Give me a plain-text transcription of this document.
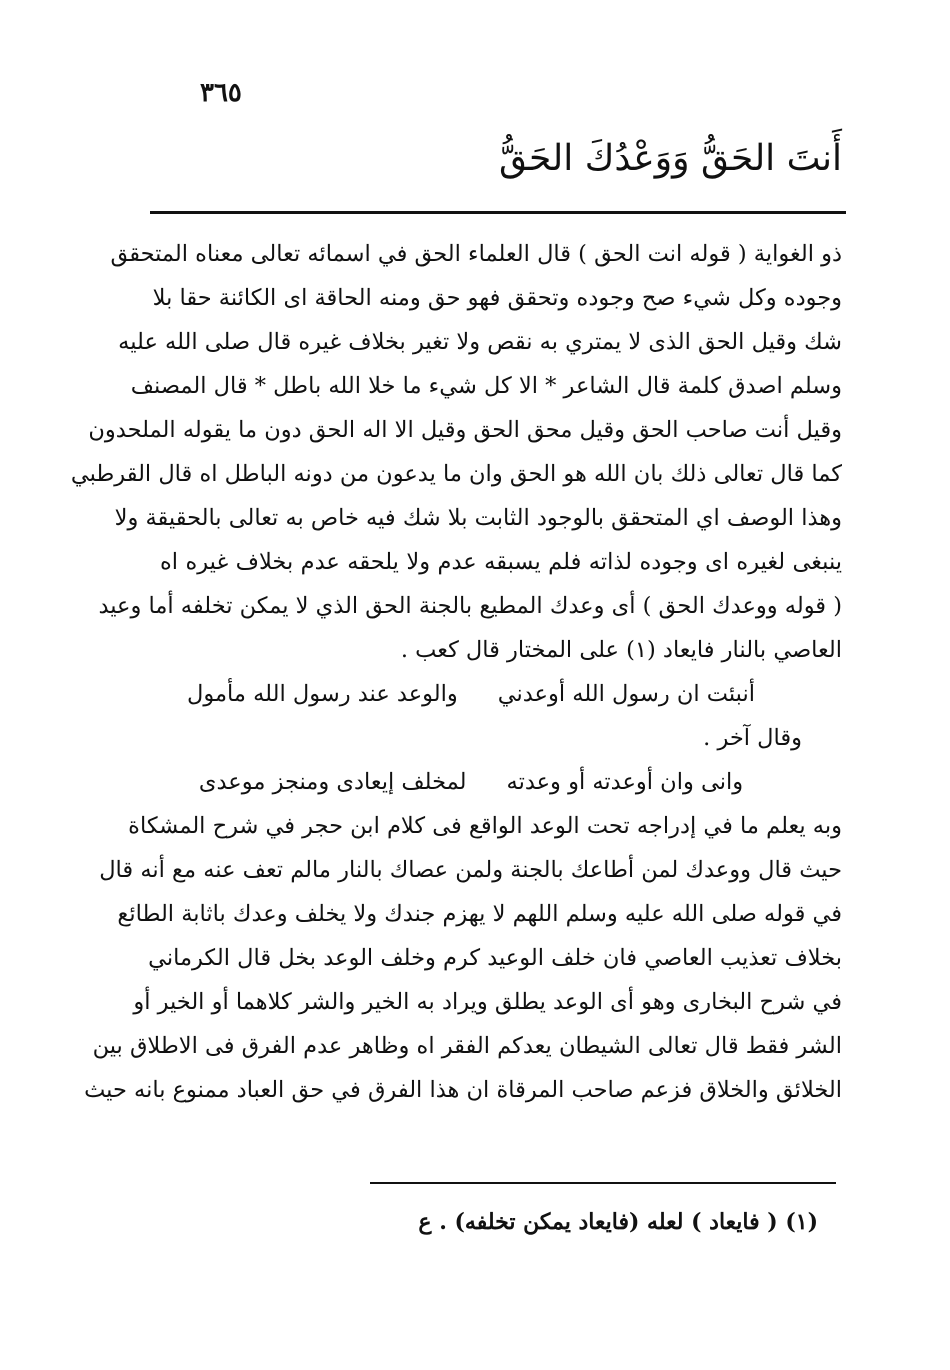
٣٦٥
أَنتَ الحَقُّ وَوَعْدُكَ الحَقُّ
ذو الغواية ( قوله انت الحق ) قال العلماء الحق في اسمائه تعالى معناه المتحقق
وجوده وكل شيء صح وجوده وتحقق فهو حق ومنه الحاقة اى الكائنة حقا بلا
شك وقيل الحق الذى لا يمتري به نقص ولا تغير بخلاف غيره قال صلى الله عليه
وسلم اصدق كلمة قال الشاعر * الا كل شيء ما خلا الله باطل * قال المصنف
وقيل أنت صاحب الحق وقيل محق الحق وقيل الا اله الحق دون ما يقوله الملحدون
كما قال تعالى ذلك بان الله هو الحق وان ما يدعون من دونه الباطل اه قال القرطبي
وهذا الوصف اي المتحقق بالوجود الثابت بلا شك فيه خاص به تعالى بالحقيقة ولا
ينبغى لغيره اى وجوده لذاته فلم يسبقه عدم ولا يلحقه عدم بخلاف غيره اه
( قوله ووعدك الحق ) أى وعدك المطيع بالجنة الحق الذي لا يمكن تخلفه أما وعيد
العاصي بالنار فايعاد (١) على المختار قال كعب .
أنبئت ان رسول الله أوعدني
والوعد عند رسول الله مأمول
وقال آخر .
وانى وان أوعدته أو وعدته
لمخلف إيعادى ومنجز موعدى
وبه يعلم ما في إدراجه تحت الوعد الواقع فى كلام ابن حجر في شرح المشكاة
حيث قال ووعدك لمن أطاعك بالجنة ولمن عصاك بالنار مالم تعف عنه مع أنه قال
في قوله صلى الله عليه وسلم اللهم لا يهزم جندك ولا يخلف وعدك باثابة الطائع
بخلاف تعذيب العاصي فان خلف الوعيد كرم وخلف الوعد بخل قال الكرماني
في شرح البخارى وهو أى الوعد يطلق ويراد به الخير والشر كلاهما أو الخير أو
الشر فقط قال تعالى الشيطان يعدكم الفقر اه وظاهر عدم الفرق فى الاطلاق بين
الخلائق والخلاق فزعم صاحب المرقاة ان هذا الفرق في حق العباد ممنوع بانه حيث
(١) ( فايعاد ) لعله (فايعاد يمكن تخلفه) . ع
